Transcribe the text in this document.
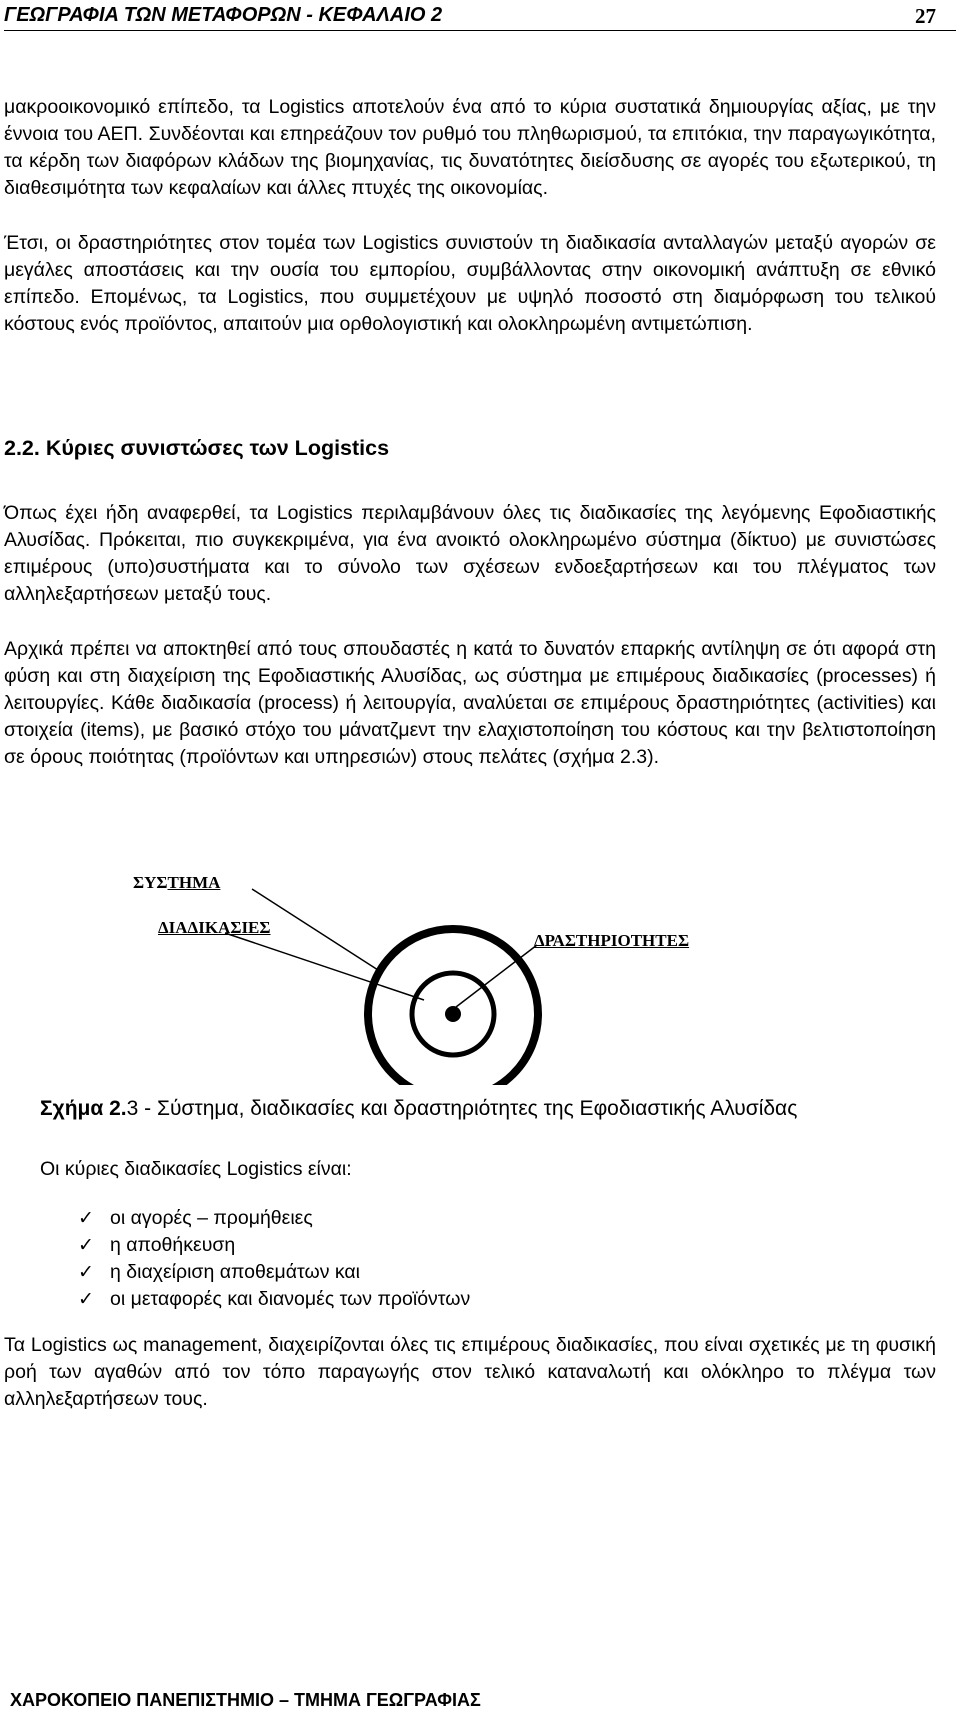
ΓΕΩΓΡΑΦΙΑ ΤΩΝ ΜΕΤΑΦΟΡΩΝ - ΚΕΦΑΛΑΙΟ 2	27

μακροοικονομικό επίπεδο, τα Logistics αποτελούν ένα από το κύρια συστατικά δημιουργίας αξίας, με την έννοια του ΑΕΠ. Συνδέονται και επηρεάζουν τον ρυθμό του πληθωρισμού, τα επιτόκια, την παραγωγικότητα, τα κέρδη των διαφόρων κλάδων της βιομηχανίας, τις δυνατότητες διείσδυσης σε αγορές του εξωτερικού, τη διαθεσιμότητα των κεφαλαίων και άλλες πτυχές της οικονομίας.

Έτσι, οι δραστηριότητες στον τομέα των Logistics συνιστούν τη διαδικασία ανταλλαγών μεταξύ αγορών σε μεγάλες αποστάσεις και την ουσία του εμπορίου, συμβάλλοντας στην οικονομική ανάπτυξη σε εθνικό επίπεδο. Επομένως, τα Logistics, που συμμετέχουν με υψηλό ποσοστό στη διαμόρφωση του τελικού κόστους ενός προϊόντος, απαιτούν μια ορθολογιστική και ολοκληρωμένη αντιμετώπιση.

2.2. Κύριες συνιστώσες των Logistics

Όπως έχει ήδη αναφερθεί, τα Logistics περιλαμβάνουν όλες τις διαδικασίες της λεγόμενης Εφοδιαστικής Αλυσίδας. Πρόκειται, πιο συγκεκριμένα, για ένα ανοικτό ολοκληρωμένο σύστημα (δίκτυο) με συνιστώσες επιμέρους (υπο)συστήματα και το σύνολο των σχέσεων ενδοεξαρτήσεων και του πλέγματος των αλληλεξαρτήσεων μεταξύ τους.

Αρχικά πρέπει να αποκτηθεί από τους σπουδαστές η κατά το δυνατόν επαρκής αντίληψη σε ότι αφορά στη φύση και στη διαχείριση της Εφοδιαστικής Αλυσίδας, ως σύστημα με επιμέρους διαδικασίες (processes) ή λειτουργίες. Κάθε διαδικασία (process) ή λειτουργία, αναλύεται σε επιμέρους δραστηριότητες (activities) και στοιχεία (items), με βασικό στόχο του μάνατζμεντ την ελαχιστοποίηση του κόστους και την βελτιστοποίηση σε όρους ποιότητας (προϊόντων και υπηρεσιών) στους πελάτες (σχήμα 2.3).

ΣΥΣΤΗΜΑ
ΔΙΑΔΙΚΑΣΙΕΣ
ΔΡΑΣΤΗΡΙΟΤΗΤΕΣ
Σχήμα 2.3 - Σύστημα, διαδικασίες και δραστηριότητες της Εφοδιαστικής Αλυσίδας
Οι κύριες διαδικασίες Logistics είναι:
✓ οι αγορές – προμήθειες
✓ η αποθήκευση
✓ η διαχείριση αποθεμάτων και
✓ οι μεταφορές και διανομές των προϊόντων

Τα Logistics ως management, διαχειρίζονται όλες τις επιμέρους διαδικασίες, που είναι σχετικές με τη φυσική ροή των αγαθών από τον τόπο παραγωγής στον τελικό καταναλωτή και ολόκληρο το πλέγμα των αλληλεξαρτήσεων τους.

ΧΑΡΟΚΟΠΕΙΟ ΠΑΝΕΠΙΣΤΗΜΙΟ – ΤΜΗΜΑ ΓΕΩΓΡΑΦΙΑΣ
